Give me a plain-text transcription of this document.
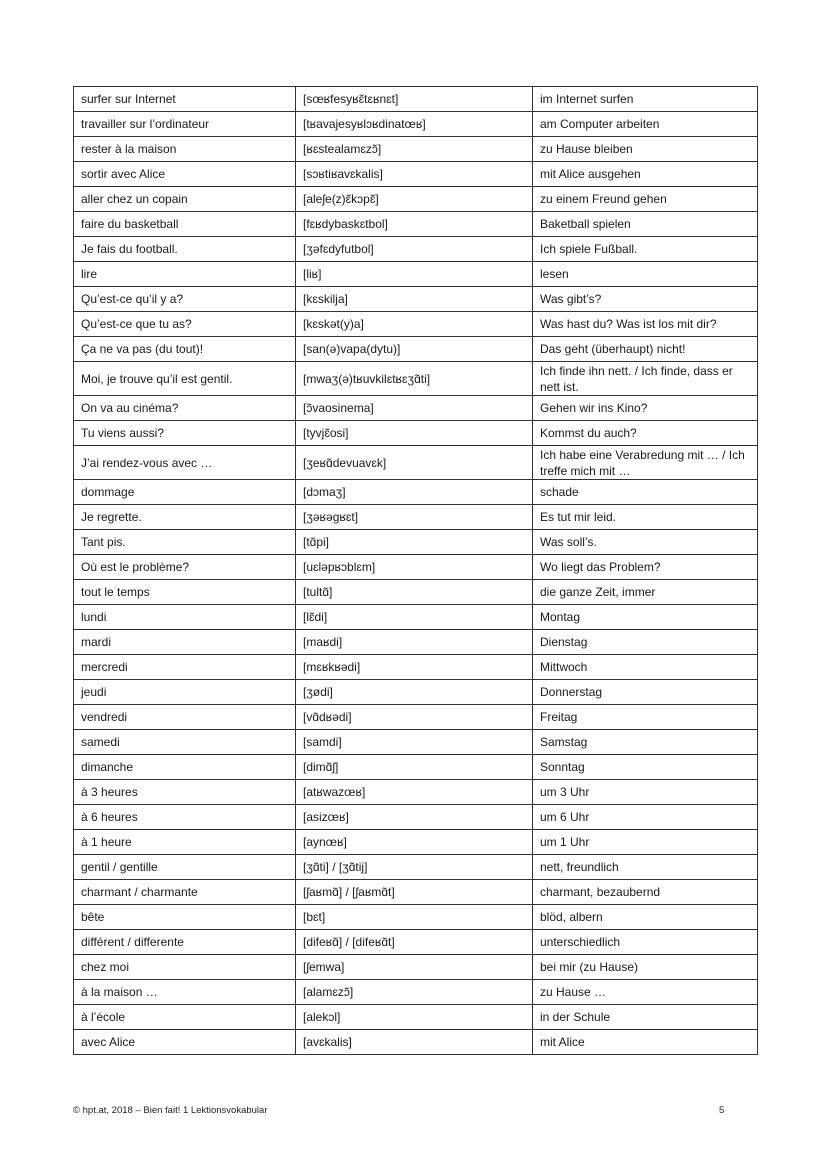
surfer sur Internet	[sœʁfesyʁɛ̃tɛʁnɛt]	im Internet surfen
travailler sur l’ordinateur	[tʁavajesyʁlɔʁdinatœʁ]	am Computer arbeiten
rester à la maison	[ʁɛstealamɛzɔ̃]	zu Hause bleiben
sortir avec Alice	[sɔʁtiʁavɛkalis]	mit Alice ausgehen
aller chez un copain	[aleʃe(z)ɛ̃kɔpɛ̃]	zu einem Freund gehen
faire du basketball	[fɛʁdybaskɛtbol]	Baketball spielen
Je fais du football.	[ʒəfɛdyfutbol]	Ich spiele Fußball.
lire	[liʁ]	lesen
Qu’est-ce qu’il y a?	[kɛskilja]	Was gibt’s?
Qu’est-ce que tu as?	[kɛskət(y)a]	Was hast du? Was ist los mit dir?
Ça ne va pas (du tout)!	[san(ə)vapa(dytu)]	Das geht (überhaupt) nicht!
Moi, je trouve qu’il est gentil.	[mwaʒ(ə)tʁuvkilɛtʁɛʒɑ̃ti]	Ich finde ihn nett. / Ich finde, dass er nett ist.
On va au cinéma?	[ɔ̃vaosinema]	Gehen wir ins Kino?
Tu viens aussi?	[tyvjɛ̃osi]	Kommst du auch?
J’ai rendez-vous avec …	[ʒeʁɑ̃devuavɛk]	Ich habe eine Verabredung mit … / Ich treffe mich mit …
dommage	[dɔmaʒ]	schade
Je regrette.	[ʒəʁəgʁɛt]	Es tut mir leid.
Tant pis.	[tɑ̃pi]	Was soll’s.
Où est le problème?	[uɛləpʁɔblɛm]	Wo liegt das Problem?
tout le temps	[tultɑ̃]	die ganze Zeit, immer
lundi	[lɛ̃di]	Montag
mardi	[maʁdi]	Dienstag
mercredi	[mɛʁkʁədi]	Mittwoch
jeudi	[ʒødi]	Donnerstag
vendredi	[vɑ̃dʁədi]	Freitag
samedi	[samdi]	Samstag
dimanche	[dimɑ̃ʃ]	Sonntag
à 3 heures	[atʁwazœʁ]	um 3 Uhr
à 6 heures	[asizœʁ]	um 6 Uhr
à 1 heure	[aynœʁ]	um 1 Uhr
gentil / gentille	[ʒɑ̃ti] / [ʒɑ̃tij]	nett, freundlich
charmant / charmante	[ʃaʁmɑ̃] / [ʃaʁmɑ̃t]	charmant, bezaubernd
bête	[bɛt]	blöd, albern
différent / differente	[difeʁɑ̃] / [difeʁɑ̃t]	unterschiedlich
chez moi	[ʃemwa]	bei mir (zu Hause)
à la maison …	[alamɛzɔ̃]	zu Hause …
à l’école	[alekɔl]	in der Schule
avec Alice	[avɛkalis]	mit Alice
© hpt.at, 2018 – Bien fait! 1 Lektionsvokabular	5
